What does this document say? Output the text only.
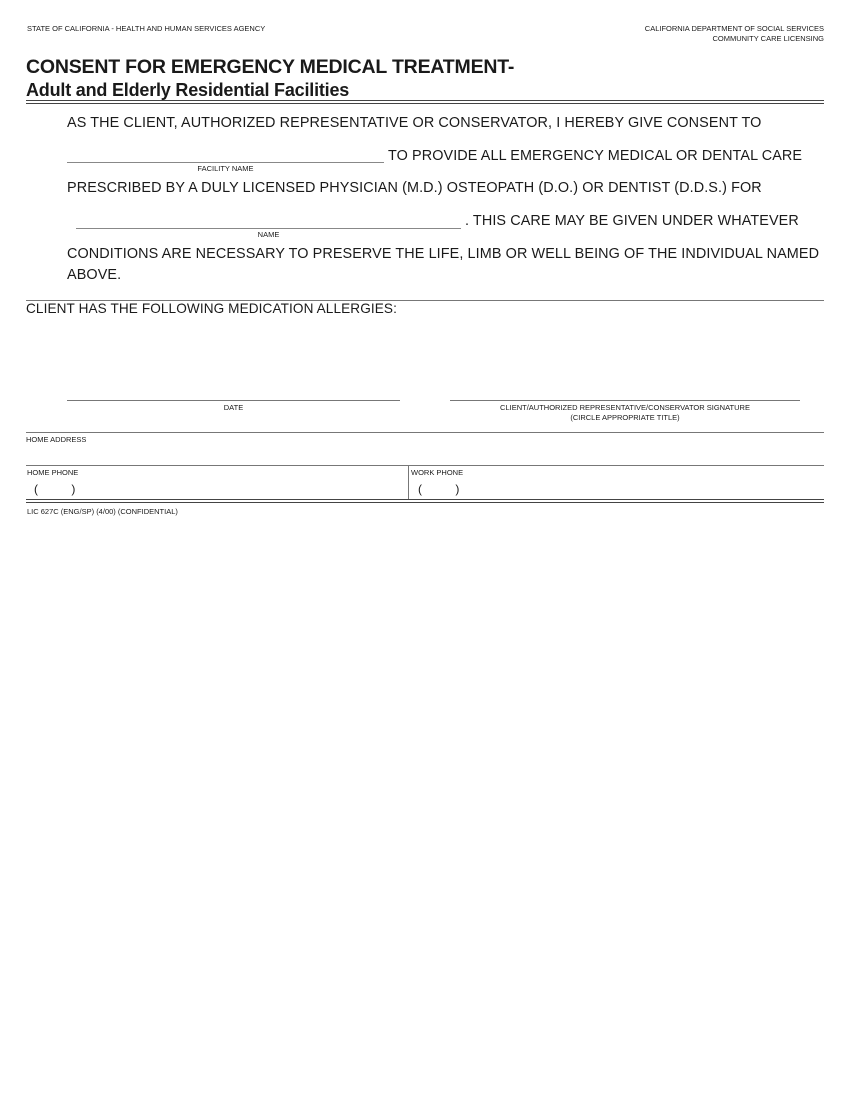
STATE OF CALIFORNIA - HEALTH AND HUMAN SERVICES AGENCY	CALIFORNIA DEPARTMENT OF SOCIAL SERVICES
COMMUNITY CARE LICENSING
CONSENT FOR EMERGENCY MEDICAL TREATMENT-
Adult and Elderly Residential Facilities
AS THE CLIENT, AUTHORIZED REPRESENTATIVE OR CONSERVATOR, I HEREBY GIVE CONSENT TO
FACILITY NAME
TO PROVIDE ALL EMERGENCY MEDICAL OR DENTAL CARE
PRESCRIBED BY A DULY LICENSED PHYSICIAN (M.D.) OSTEOPATH (D.O.) OR DENTIST (D.D.S.) FOR
NAME
. THIS CARE MAY BE GIVEN UNDER WHATEVER
CONDITIONS ARE NECESSARY TO PRESERVE THE LIFE, LIMB OR WELL BEING OF THE INDIVIDUAL NAMED
ABOVE.
CLIENT HAS THE FOLLOWING MEDICATION ALLERGIES:
DATE	CLIENT/AUTHORIZED REPRESENTATIVE/CONSERVATOR SIGNATURE
(CIRCLE APPROPRIATE TITLE)
HOME ADDRESS
HOME PHONE
(          )
WORK PHONE
(          )
LIC 627C (ENG/SP) (4/00) (CONFIDENTIAL)
